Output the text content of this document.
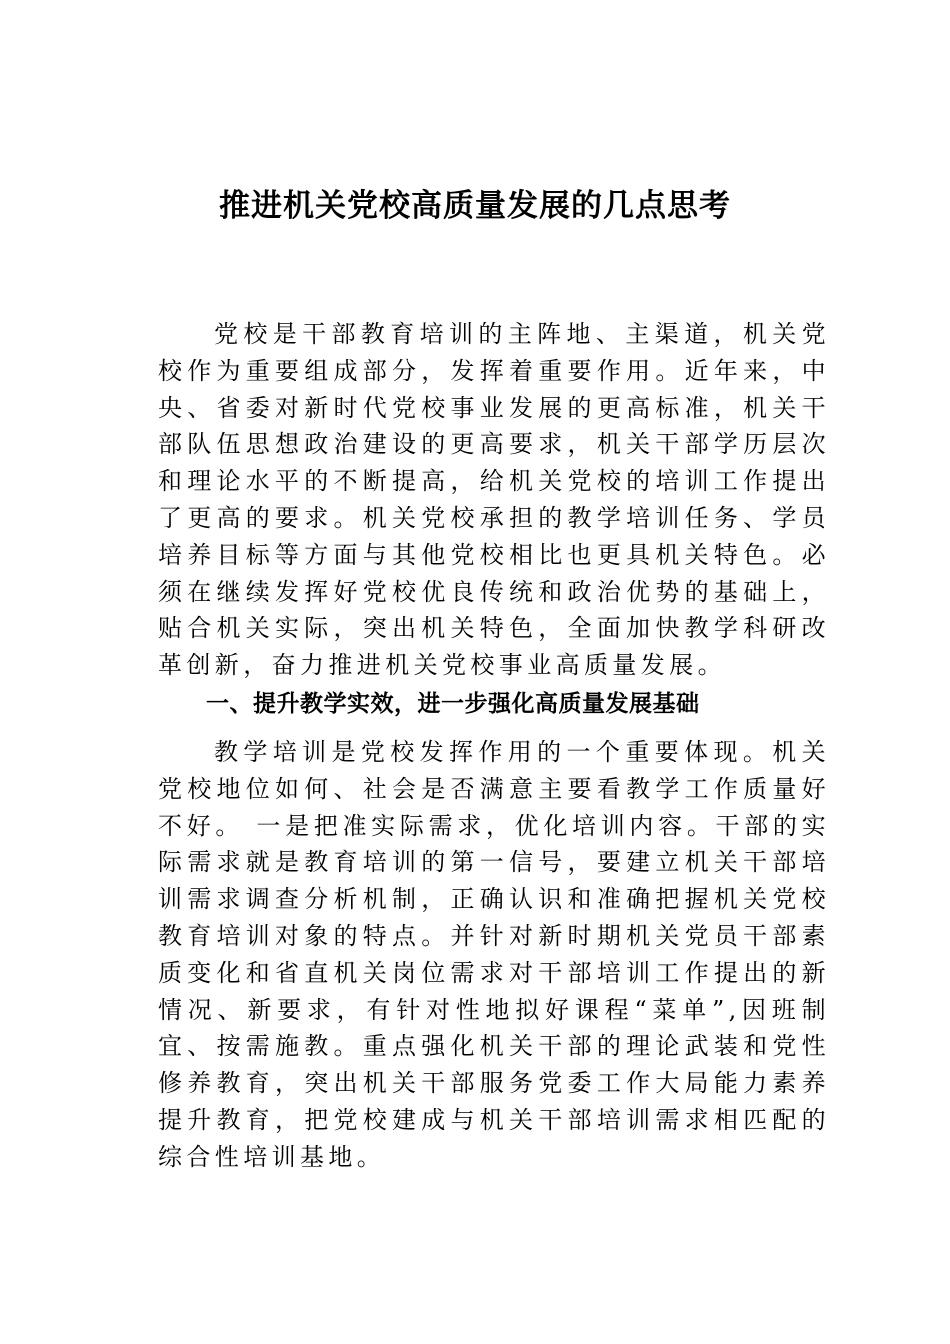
推进机关党校高质量发展的几点思考

党校是干部教育培训的主阵地、主渠道，机关党校作为重要组成部分，发挥着重要作用。近年来，中央、省委对新时代党校事业发展的更高标准，机关干部队伍思想政治建设的更高要求，机关干部学历层次和理论水平的不断提高，给机关党校的培训工作提出了更高的要求。机关党校承担的教学培训任务、学员培养目标等方面与其他党校相比也更具机关特色。必须在继续发挥好党校优良传统和政治优势的基础上，贴合机关实际，突出机关特色，全面加快教学科研改革创新，奋力推进机关党校事业高质量发展。

一、提升教学实效，进一步强化高质量发展基础

教学培训是党校发挥作用的一个重要体现。机关党校地位如何、社会是否满意主要看教学工作质量好不好。 一是把准实际需求，优化培训内容。干部的实际需求就是教育培训的第一信号，要建立机关干部培训需求调查分析机制，正确认识和准确把握机关党校教育培训对象的特点。并针对新时期机关党员干部素质变化和省直机关岗位需求对干部培训工作提出的新情况、新要求，有针对性地拟好课程“菜单”,因班制宜、按需施教。重点强化机关干部的理论武装和党性修养教育，突出机关干部服务党委工作大局能力素养提升教育，把党校建成与机关干部培训需求相匹配的综合性培训基地。
